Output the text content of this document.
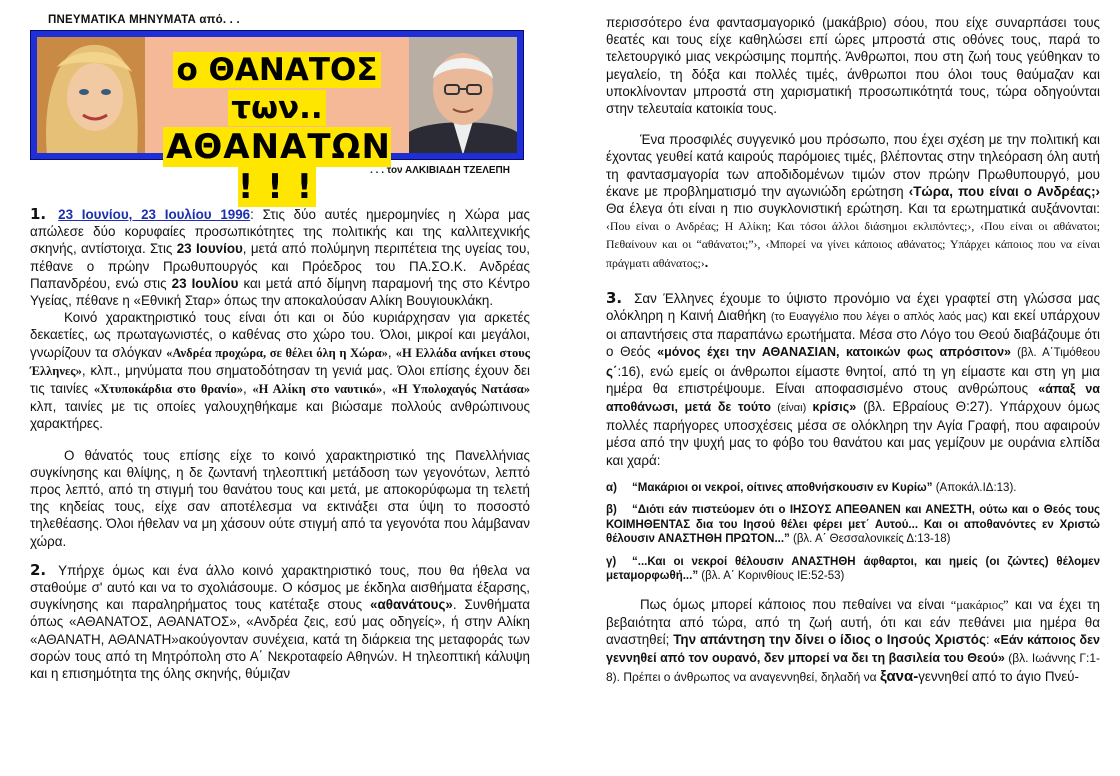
ΠΝΕΥΜΑΤΙΚΑ ΜΗΝΥΜΑΤΑ από. . .
ο ΘΑΝΑΤΟΣ των..
ΑΘΑΝΑΤΩΝ ! ! !	. . . τον ΑΛΚΙΒΙΑΔΗ ΤΖΕΛΕΠΗ

1. 23 Ιουνίου, 23 Ιουλίου 1996: Στις δύο αυτές ημερομηνίες η Χώρα μας απώλεσε δύο κορυφαίες προσωπικότητες της πολιτικής και της καλλιτεχνικής σκηνής, αντίστοιχα. Στις 23 Ιουνίου, μετά από πολύμηνη περιπέτεια της υγείας του, πέθανε ο πρώην Πρωθυπουργός και Πρόεδρος του ΠΑ.ΣΟ.Κ. Ανδρέας Παπανδρέου, ενώ στις 23 Ιουλίου και μετά από δίμηνη παραμονή της στο Κέντρο Υγείας, πέθανε η «Εθνική Σταρ» όπως την αποκαλούσαν Αλίκη Βουγιουκλάκη.

Κοινό χαρακτηριστικό τους είναι ότι και οι δύο κυριάρχησαν για αρκετές δεκαετίες, ως πρωταγωνιστές, ο καθένας στο χώρο του. Όλοι, μικροί και μεγάλοι, γνωρίζουν τα σλόγκαν «Ανδρέα προχώρα, σε θέλει όλη η Χώρα», «Η Ελλάδα ανήκει στους Έλληνες», κλπ., μηνύματα που σηματοδότησαν τη γενιά μας. Όλοι επίσης έχουν δει τις ταινίες «Χτυποκάρδια στο θρανίο», «Η Αλίκη στο ναυτικό», «Η Υπολοχαγός Νατάσα» κλπ, ταινίες με τις οποίες γαλουχηθήκαμε και βιώσαμε πολλούς ανθρώπινους χαρακτήρες.

Ο θάνατός τους επίσης είχε το κοινό χαρακτηριστικό της Πανελλήνιας συγκίνησης και θλίψης, η δε ζωντανή τηλεοπτική μετάδοση των γεγονότων, λεπτό προς λεπτό, από τη στιγμή του θανάτου τους και μετά, με αποκορύφωμα τη τελετή της κηδείας τους, είχε σαν αποτέλεσμα να εκτινάξει στα ύψη το ποσοστό τηλεθέασης. Όλοι ήθελαν να μη χάσουν ούτε στιγμή από τα γεγονότα που λάμβαναν χώρα.

2. Υπήρχε όμως και ένα άλλο κοινό χαρακτηριστικό τους, που θα ήθελα να σταθούμε σ' αυτό και να το σχολιάσουμε. Ο κόσμος με έκδηλα αισθήματα έξαρσης, συγκίνησης και παραληρήματος τους κατέταξε στους «αθανάτους». Συνθήματα όπως «ΑΘΑΝΑΤΟΣ, ΑΘΑΝΑΤΟΣ», «Ανδρέα ζεις, εσύ μας οδηγείς», ή στην Αλίκη «ΑΘΑΝΑΤΗ, ΑΘΑΝΑΤΗ»ακούγονταν συνέχεια, κατά τη διάρκεια της μεταφοράς των σορών τους από τη Μητρόπολη στο Α΄ Νεκροταφείο Αθηνών. Η τηλεοπτική κάλυψη και η επισημότητα της όλης σκηνής, θύμιζαν

περισσότερο ένα φαντασμαγορικό (μακάβριο) σόου, που είχε συναρπάσει τους θεατές και τους είχε καθηλώσει επί ώρες μπροστά στις οθόνες τους, παρά το τελετουργικό μιας νεκρώσιμης πομπής. Άνθρωποι, που στη ζωή τους γεύθηκαν το μεγαλείο, τη δόξα και πολλές τιμές, άνθρωποι που όλοι τους θαύμαζαν και υποκλίνονταν μπροστά στη χαρισματική προσωπικότητά τους, τώρα οδηγούνται στην τελευταία κατοικία τους.

Ένα προσφιλές συγγενικό μου πρόσωπο, που έχει σχέση με την πολιτική και έχοντας γευθεί κατά καιρούς παρόμοιες τιμές, βλέποντας στην τηλεόραση όλη αυτή τη φαντασμαγορία των αποδιδομένων τιμών στον πρώην Πρωθυπουργό, μου έκανε με προβληματισμό την αγωνιώδη ερώτηση ‹Τώρα, που είναι ο Ανδρέας;› Θα έλεγα ότι είναι η πιο συγκλονιστική ερώτηση. Και τα ερωτηματικά αυξάνονται: ‹Που είναι ο Ανδρέας; Η Αλίκη; Και τόσοι άλλοι διάσημοι εκλιπόντες;›, ‹Που είναι οι αθάνατοι; Πεθαίνουν και οι “αθάνατοι;”›, ‹Μπορεί να γίνει κάποιος αθάνατος; Υπάρχει κάποιος που να είναι πράγματι αθάνατος;›.

3. Σαν Έλληνες έχουμε το ύψιστο προνόμιο να έχει γραφτεί στη γλώσσα μας ολόκληρη η Καινή Διαθήκη (το Ευαγγέλιο που λέγει ο απλός λαός μας) και εκεί υπάρχουν οι απαντήσεις στα παραπάνω ερωτήματα. Μέσα στο Λόγο του Θεού διαβάζουμε ότι ο Θεός «μόνος έχει την ΑΘΑΝΑΣΙΑΝ, κατοικών φως απρόσιτον» (βλ. Α΄Τιμόθεου ς΄:16), ενώ εμείς οι άνθρωποι είμαστε θνητοί, από τη γη είμαστε και στη γη μια ημέρα θα επιστρέψουμε. Είναι αποφασισμένο στους ανθρώπους «άπαξ να αποθάνωσι, μετά δε τούτο (είναι) κρίσις» (βλ. Εβραίους Θ:27). Υπάρχουν όμως πολλές παρήγορες υποσχέσεις μέσα σε ολόκληρη την Αγία Γραφή, που αφαιρούν μέσα από την ψυχή μας το φόβο του θανάτου και μας γεμίζουν με ουράνια ελπίδα και χαρά:

α) “Μακάριοι οι νεκροί, οίτινες αποθνήσκουσιν εν Κυρίω” (Αποκάλ.ΙΔ:13).

β) “Διότι εάν πιστεύομεν ότι ο ΙΗΣΟΥΣ ΑΠΕΘΑΝΕΝ και ΑΝΕΣΤΗ, ούτω και ο Θεός τους ΚΟΙΜΗΘΕΝΤΑΣ δια του Ιησού θέλει φέρει μετ΄ Αυτού... Και οι αποθανόντες εν Χριστώ θέλουσιν ΑΝΑΣΤΗΘΗ ΠΡΩΤΟΝ...” (βλ. Α΄ Θεσσαλονικείς Δ:13-18)

γ) “...Και οι νεκροί θέλουσιν ΑΝΑΣΤΗΘΗ άφθαρτοι, και ημείς (οι ζώντες) θέλομεν μεταμορφωθή...” (βλ. Α΄ Κορινθίους ΙΕ:52-53)

Πως όμως μπορεί κάποιος που πεθαίνει να είναι “μακάριος” και να έχει τη βεβαιότητα από τώρα, από τη ζωή αυτή, ότι και εάν πεθάνει μια ημέρα θα αναστηθεί; Την απάντηση την δίνει ο ίδιος ο Ιησούς Χριστός: «Εάν κάποιος δεν γεννηθεί από τον ουρανό, δεν μπορεί να δει τη βασιλεία του Θεού» (βλ. Ιωάννης Γ:1-8). Πρέπει ο άνθρωπος να αναγεννηθεί, δηλαδή να ξανα-γεννηθεί από το άγιο Πνεύ-
